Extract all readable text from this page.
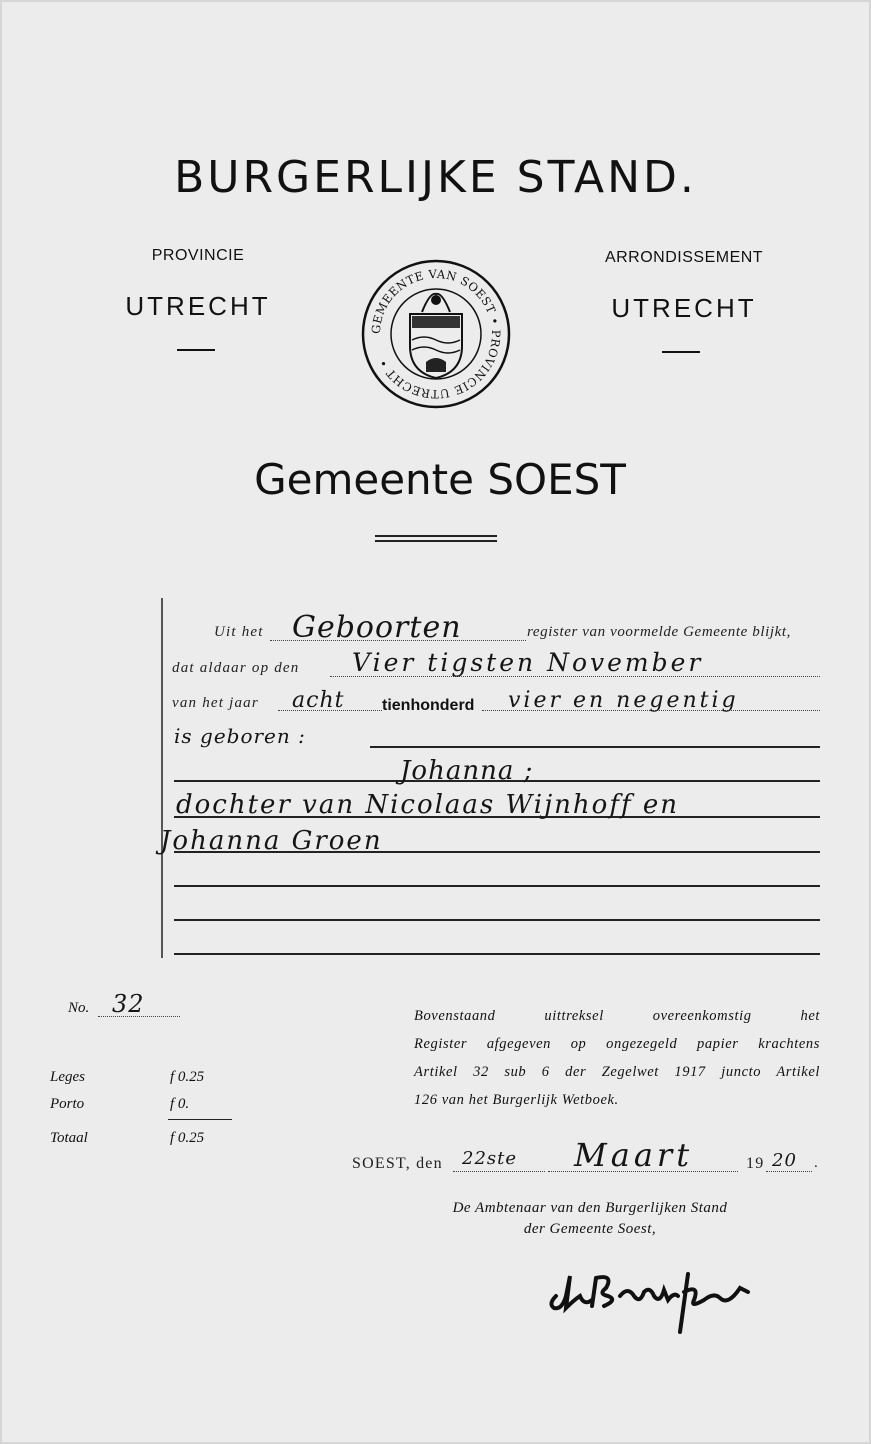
BURGERLIJKE STAND.
PROVINCIE
UTRECHT
ARRONDISSEMENT
UTRECHT
GEMEENTE VAN SOEST • PROVINCIE UTRECHT •
Gemeente SOEST
Uit het Geboorten	register van voormelde Gemeente blijkt,
dat aldaar op den Vier tigsten November
van het jaar acht tienhonderd vier en negentig
is geboren :
Johanna ;
dochter van Nicolaas Wijnhoff en
Johanna Groen
No. 32
Leges	f 0.25
Porto	f 0.
Totaal	f 0.25
Bovenstaand uittreksel overeenkomstig het
Register afgegeven op ongezegeld papier krachtens
Artikel 32 sub 6 der Zegelwet 1917 juncto Artikel
126 van het Burgerlijk Wetboek.
SOEST, den 22ste Maart	19 20 .
De Ambtenaar van den Burgerlijken Stand
der Gemeente Soest,
